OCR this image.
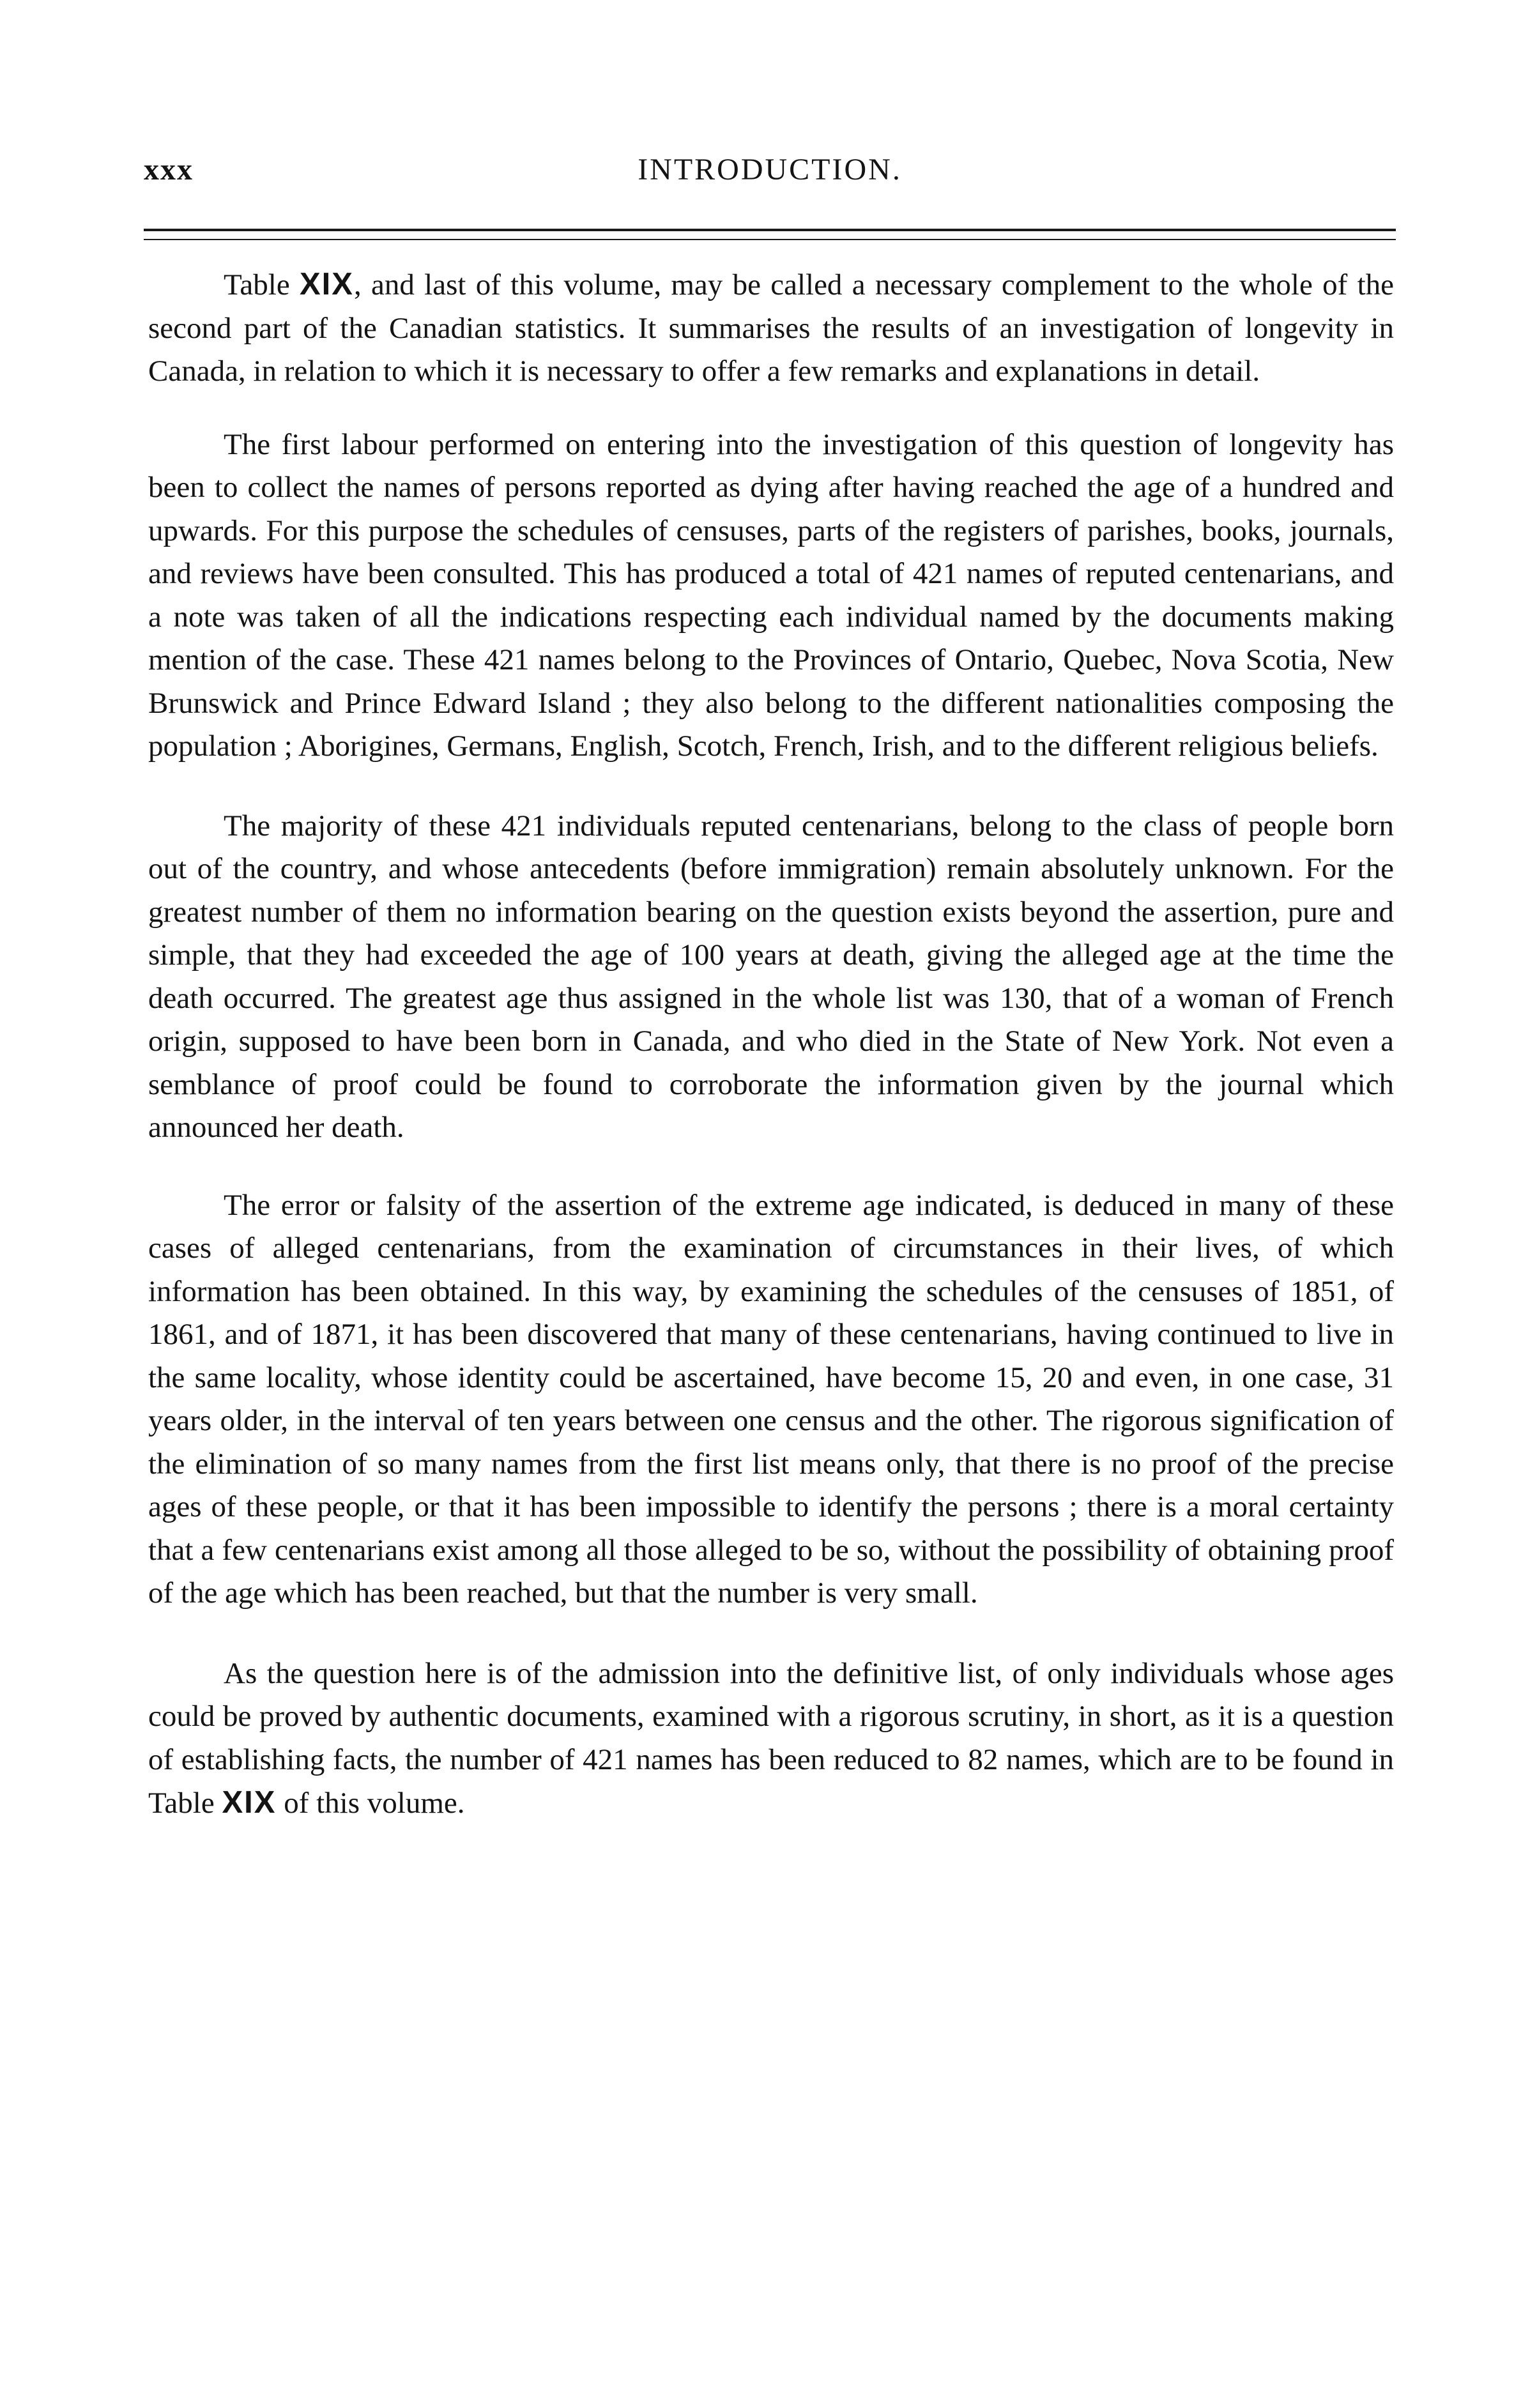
xxx	INTRODUCTION.

Table XIX, and last of this volume, may be called a necessary complement to the whole of the second part of the Canadian statistics. It summarises the results of an investigation of longevity in Canada, in relation to which it is necessary to offer a few remarks and explanations in detail.

The first labour performed on entering into the investigation of this question of longevity has been to collect the names of persons reported as dying after having reached the age of a hundred and upwards. For this purpose the schedules of censuses, parts of the registers of parishes, books, journals, and reviews have been consulted. This has produced a total of 421 names of reputed centenarians, and a note was taken of all the indications respecting each individual named by the documents making mention of the case. These 421 names belong to the Provinces of Ontario, Quebec, Nova Scotia, New Brunswick and Prince Edward Island ; they also belong to the different nationalities composing the population ; Aborigines, Germans, English, Scotch, French, Irish, and to the different religious beliefs.

The majority of these 421 individuals reputed centenarians, belong to the class of people born out of the country, and whose antecedents (before immigration) remain absolutely unknown. For the greatest number of them no information bearing on the question exists beyond the assertion, pure and simple, that they had exceeded the age of 100 years at death, giving the alleged age at the time the death occurred. The greatest age thus assigned in the whole list was 130, that of a woman of French origin, supposed to have been born in Canada, and who died in the State of New York. Not even a semblance of proof could be found to corroborate the information given by the journal which announced her death.

The error or falsity of the assertion of the extreme age indicated, is deduced in many of these cases of alleged centenarians, from the examination of circumstances in their lives, of which information has been obtained. In this way, by examining the schedules of the censuses of 1851, of 1861, and of 1871, it has been discovered that many of these centenarians, having continued to live in the same locality, whose identity could be ascertained, have become 15, 20 and even, in one case, 31 years older, in the interval of ten years between one census and the other. The rigorous signification of the elimination of so many names from the first list means only, that there is no proof of the precise ages of these people, or that it has been impossible to identify the persons ; there is a moral certainty that a few centenarians exist among all those alleged to be so, without the possibility of obtaining proof of the age which has been reached, but that the number is very small.

As the question here is of the admission into the definitive list, of only individuals whose ages could be proved by authentic documents, examined with a rigorous scrutiny, in short, as it is a question of establishing facts, the number of 421 names has been reduced to 82 names, which are to be found in Table XIX of this volume.
